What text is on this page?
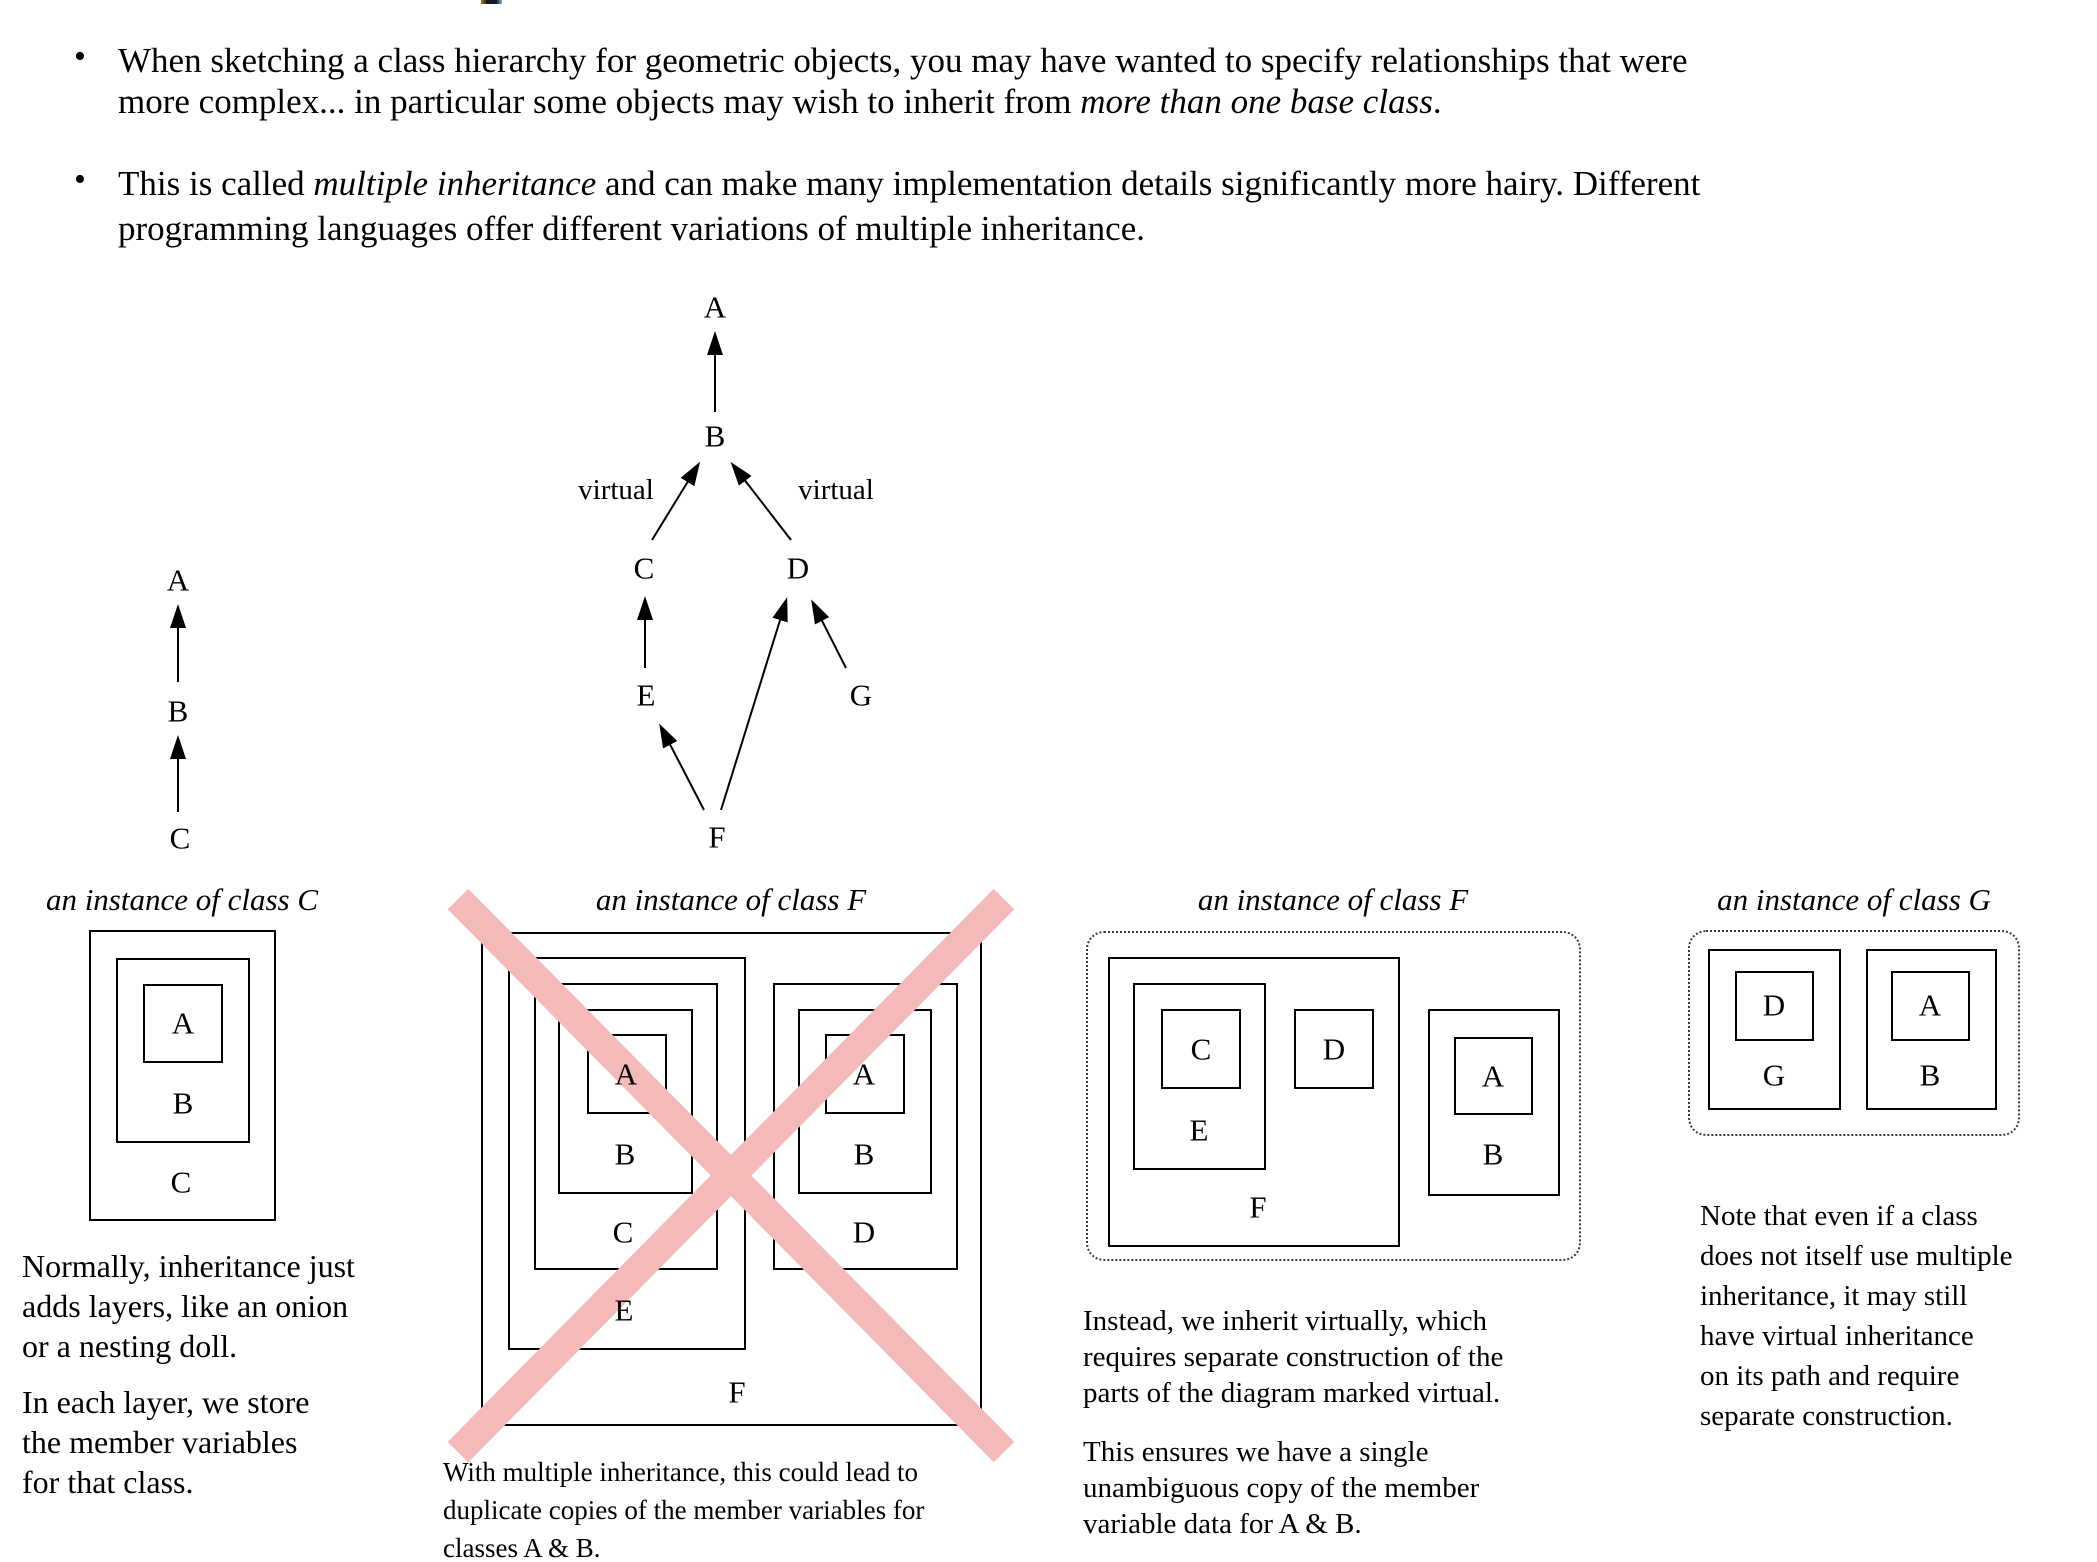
• When sketching a class hierarchy for geometric objects, you may have wanted to specify relationships that were
more complex... in particular some objects may wish to inherit from more than one base class.
• This is called multiple inheritance and can make many implementation details significantly more hairy. Different
programming languages offer different variations of multiple inheritance.
A
B
C
A
B
C	D
E	G
F
virtual	virtual
an instance of class C
A
B
C
Normally, inheritance just
adds layers, like an onion
or a nesting doll.
In each layer, we store
the member variables
for that class.
an instance of class F
A
B
C
E
A
B
D
F
With multiple inheritance, this could lead to
duplicate copies of the member variables for
classes A & B.
an instance of class F
C	D
E
F
A
B
Instead, we inherit virtually, which
requires separate construction of the
parts of the diagram marked virtual.
This ensures we have a single
unambiguous copy of the member
variable data for A & B.
an instance of class G
D
G
A
B
Note that even if a class
does not itself use multiple
inheritance, it may still
have virtual inheritance
on its path and require
separate construction.
